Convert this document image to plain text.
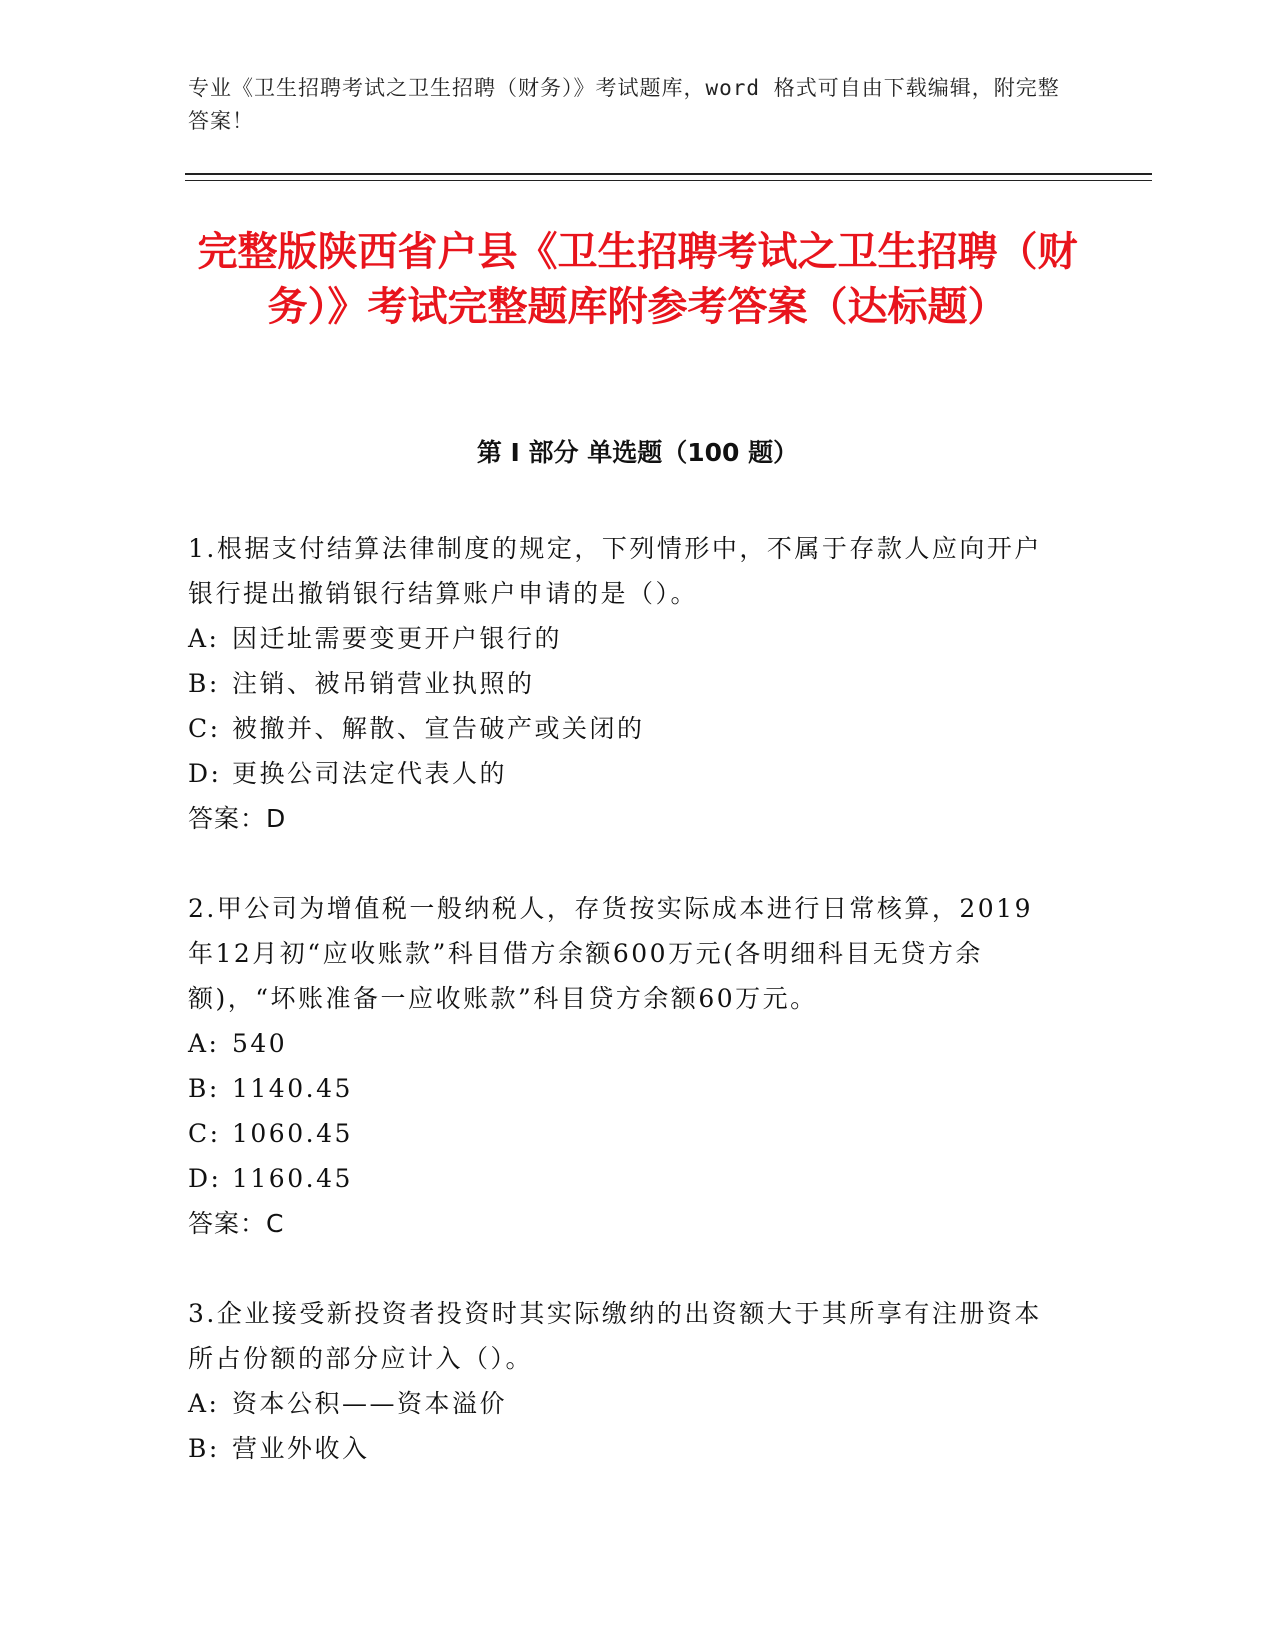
专业《卫生招聘考试之卫生招聘（财务）》考试题库，word 格式可自由下载编辑，附完整答案！
完整版陕西省户县《卫生招聘考试之卫生招聘（财务）》考试完整题库附参考答案（达标题）
第 I 部分 单选题（100 题）

1.根据支付结算法律制度的规定，下列情形中，不属于存款人应向开户银行提出撤销银行结算账户申请的是（）。

A: 因迁址需要变更开户银行的

B: 注销、被吊销营业执照的

C: 被撤并、解散、宣告破产或关闭的

D: 更换公司法定代表人的

答案：D

2.甲公司为增值税一般纳税人，存货按实际成本进行日常核算，2019年12月初“应收账款”科目借方余额600万元(各明细科目无贷方余额)，“坏账准备一应收账款”科目贷方余额60万元。

A: 540

B: 1140.45

C: 1060.45

D: 1160.45

答案：C

3.企业接受新投资者投资时其实际缴纳的出资额大于其所享有注册资本所占份额的部分应计入（）。

A: 资本公积——资本溢价

B: 营业外收入
